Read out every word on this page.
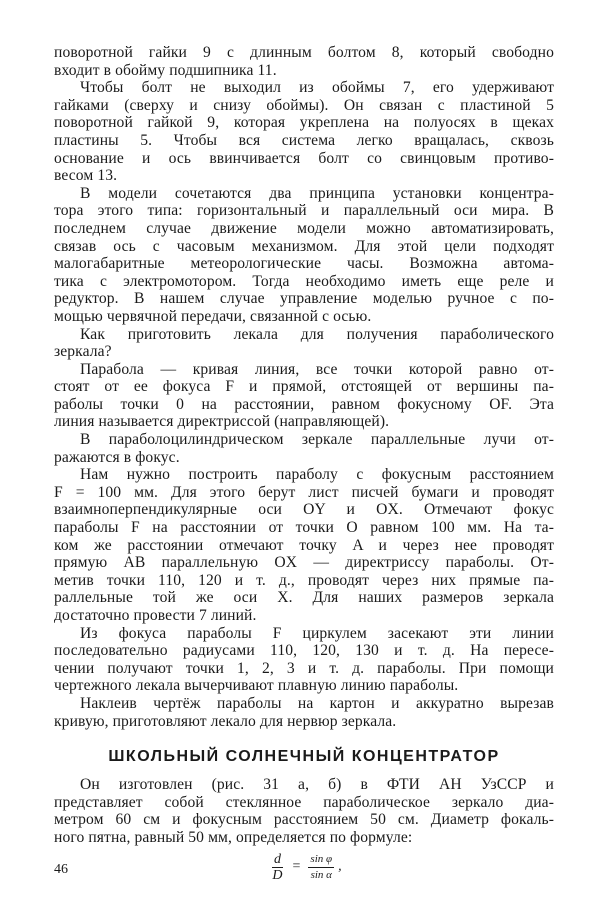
поворотной гайки 9 с длинным болтом 8, который свободно

входит в обойму подшипника 11.

Чтобы болт не выходил из обоймы 7, его удерживают

гайками (сверху и снизу обоймы). Он связан с пластиной 5

поворотной гайкой 9, которая укреплена на полуосях в щеках

пластины 5. Чтобы вся система легко вращалась, сквозь

основание и ось ввинчивается болт со свинцовым противо-

весом 13.

В модели сочетаются два принципа установки концентра-

тора этого типа: горизонтальный и параллельный оси мира. В

последнем случае движение модели можно автоматизировать,

связав ось с часовым механизмом. Для этой цели подходят

малогабаритные метеорологические часы. Возможна автома-

тика с электромотором. Тогда необходимо иметь еще реле и

редуктор. В нашем случае управление моделью ручное с по-

мощью червячной передачи, связанной с осью.

Как приготовить лекала для получения параболического

зеркала?

Парабола — кривая линия, все точки которой равно от-

стоят от ее фокуса F и прямой, отстоящей от вершины па-

раболы точки 0 на расстоянии, равном фокусному OF. Эта

линия называется директриссой (направляющей).

В параболоцилиндрическом зеркале параллельные лучи от-

ражаются в фокус.

Нам нужно построить параболу с фокусным расстоянием

F = 100 мм. Для этого берут лист писчей бумаги и проводят

взаимноперпендикулярные оси OY и OX. Отмечают фокус

параболы F на расстоянии от точки O равном 100 мм. На та-

ком же расстоянии отмечают точку A и через нее проводят

прямую AB параллельную OX — директриссу параболы. От-

метив точки 110, 120 и т. д., проводят через них прямые па-

раллельные той же оси X. Для наших размеров зеркала

достаточно провести 7 линий.

Из фокуса параболы F циркулем засекают эти линии

последовательно радиусами 110, 120, 130 и т. д. На пересе-

чении получают точки 1, 2, 3 и т. д. параболы. При помощи

чертежного лекала вычерчивают плавную линию параболы.

Наклеив чертёж параболы на картон и аккуратно вырезав

кривую, приготовляют лекало для нервюр зеркала.

ШКОЛЬНЫЙ СОЛНЕЧНЫЙ КОНЦЕНТРАТОР

Он изготовлен (рис. 31 а, б) в ФТИ АН УзССР и

представляет собой стеклянное параболическое зеркало диа-

метром 60 см и фокусным расстоянием 50 см. Диаметр фокаль-

ного пятна, равный 50 мм, определяется по формуле:

$\frac{d}{D} = \frac{\text{sin φ}}{\text{sin α}}$ ,
46
